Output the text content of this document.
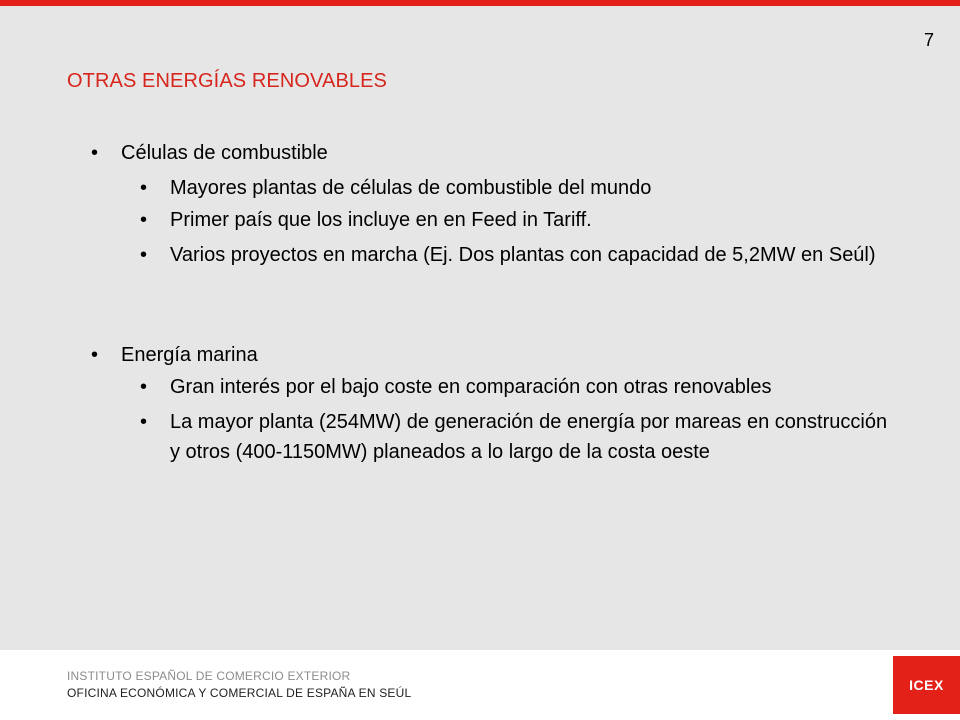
7
OTRAS ENERGÍAS RENOVABLES
• Células de combustible
• Mayores plantas de células de combustible del mundo
• Primer país que los incluye en en Feed in Tariff.
• Varios proyectos en marcha (Ej. Dos plantas con capacidad de 5,2MW en Seúl)
• Energía marina
• Gran interés por el bajo coste en comparación con otras renovables
• La mayor planta (254MW) de generación de energía por mareas en construcción y otros (400-1150MW) planeados a lo largo de la costa oeste
INSTITUTO ESPAÑOL DE COMERCIO EXTERIOR
OFICINA ECONÓMICA Y COMERCIAL DE ESPAÑA EN SEÚL	ICEX
